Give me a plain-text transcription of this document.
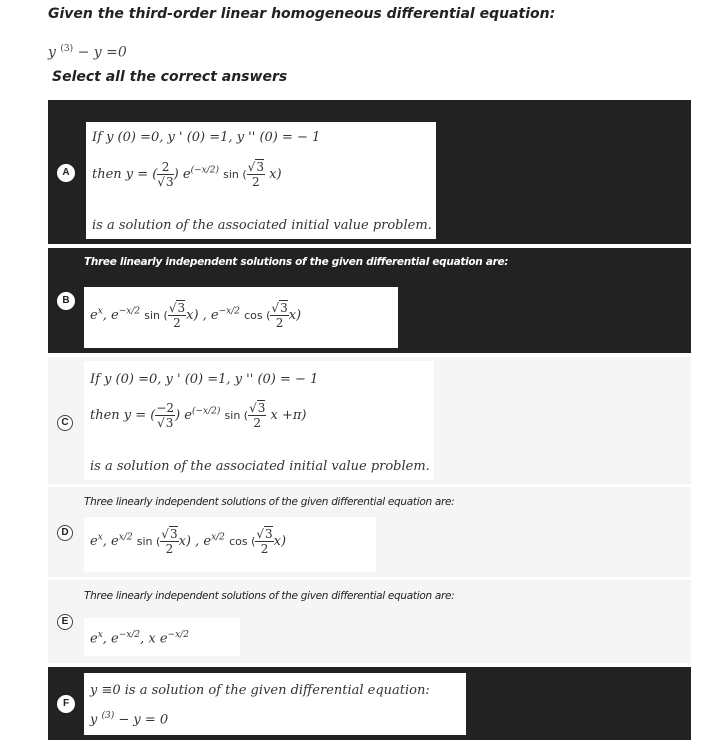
Given the third-order linear homogeneous differential equation:
y $^{(3)}$ − y =0
Select all the correct answers
A
If y (0) =0, y ' (0) =1, y '' (0) = − 1
then y = ( $\frac{2}{√3}$ ) $e^{(-x/2)}$ sin ( $\frac{√3}{2} x$)
is a solution of the associated initial value problem.
Three linearly independent solutions of the given differential equation are:
B
$e^x$, $e^{-x/2}$ sin ( $\frac{√3}{2} x$) , $e^{-x/2}$ cos ( $\frac{√3}{2} x$)
C
If y (0) =0, y ' (0) =1, y '' (0) = − 1
then y = ( $\frac{-2}{√3}$ ) $e^{(-x/2)}$ sin ( $\frac{√3}{2}$ x +π)
is a solution of the associated initial value problem.
Three linearly independent solutions of the given differential equation are:
D
$e^x$, $e^{x/2}$ sin ( $\frac{√3}{2} x$) , $e^{x/2}$ cos ( $\frac{√3}{2} x$)
Three linearly independent solutions of the given differential equation are:
E
$e^x$, $e^{-x/2}$, x $e^{-x/2}$
F
y ≡0 is a solution of the given differential equation:
y $^{(3)}$ − y = 0
